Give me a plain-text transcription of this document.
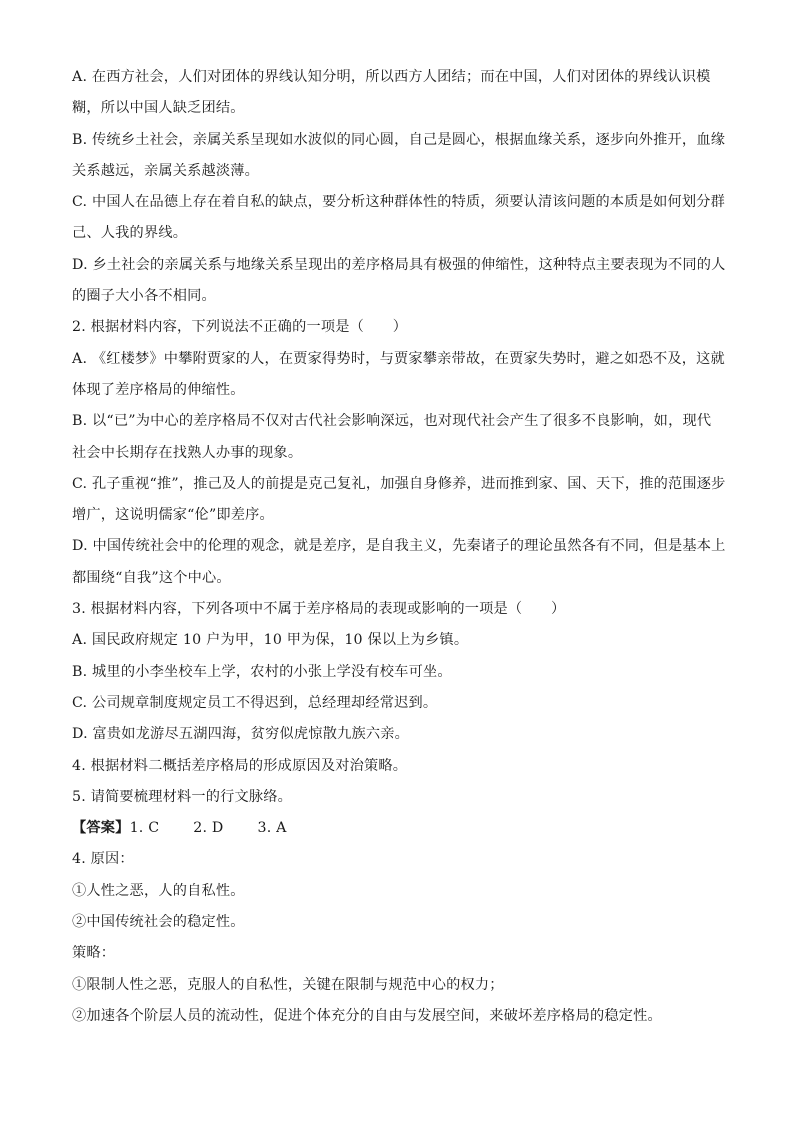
A. 在西方社会，人们对团体的界线认知分明，所以西方人团结；而在中国，人们对团体的界线认识模
糊，所以中国人缺乏团结。
B. 传统乡土社会，亲属关系呈现如水波似的同心圆，自己是圆心，根据血缘关系，逐步向外推开，血缘
关系越远，亲属关系越淡薄。
C. 中国人在品德上存在着自私的缺点，要分析这种群体性的特质，须要认清该问题的本质是如何划分群
己、人我的界线。
D. 乡土社会的亲属关系与地缘关系呈现出的差序格局具有极强的伸缩性，这种特点主要表现为不同的人
的圈子大小各不相同。
2. 根据材料内容，下列说法不正确的一项是（　　）
A. 《红楼梦》中攀附贾家的人，在贾家得势时，与贾家攀亲带故，在贾家失势时，避之如恐不及，这就
体现了差序格局的伸缩性。
B. 以“已”为中心的差序格局不仅对古代社会影响深远，也对现代社会产生了很多不良影响，如，现代
社会中长期存在找熟人办事的现象。
C. 孔子重视“推”，推己及人的前提是克己复礼，加强自身修养，进而推到家、国、天下，推的范围逐步
增广，这说明儒家“伦”即差序。
D. 中国传统社会中的伦理的观念，就是差序，是自我主义，先秦诸子的理论虽然各有不同，但是基本上
都围绕“自我”这个中心。
3. 根据材料内容，下列各项中不属于差序格局的表现或影响的一项是（　　）
A. 国民政府规定 10 户为甲，10 甲为保，10 保以上为乡镇。
B. 城里的小李坐校车上学，农村的小张上学没有校车可坐。
C. 公司规章制度规定员工不得迟到，总经理却经常迟到。
D. 富贵如龙游尽五湖四海，贫穷似虎惊散九族六亲。
4. 根据材料二概括差序格局的形成原因及对治策略。
5. 请简要梳理材料一的行文脉络。
【答案】1. C 2. D 3. A
4. 原因：
①人性之恶，人的自私性。
②中国传统社会的稳定性。
策略：
①限制人性之恶，克服人的自私性，关键在限制与规范中心的权力；
②加速各个阶层人员的流动性，促进个体充分的自由与发展空间，来破坏差序格局的稳定性。
